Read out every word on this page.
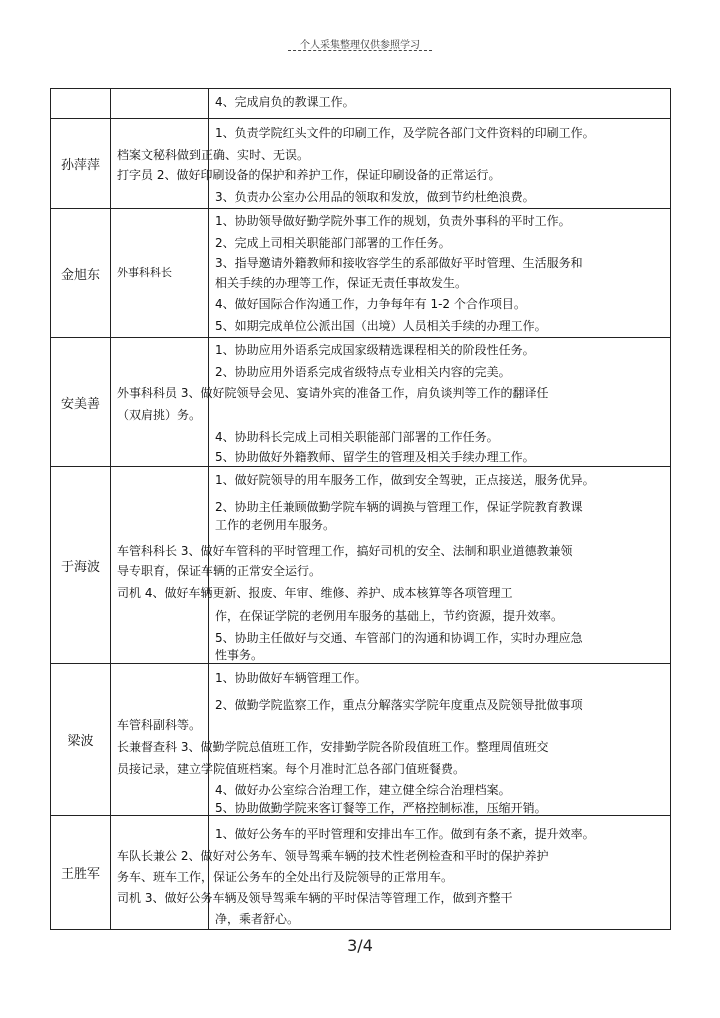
个人采集整理仅供参照学习
4、完成肩负的教课工作。
孙萍萍
1、负责学院红头文件的印刷工作，及学院各部门文件资料的印刷工作。
档案文秘科做到正确、实时、无误。
打字员 2、做好印刷设备的保护和养护工作，保证印刷设备的正常运行。
3、负责办公室办公用品的领取和发放，做到节约杜绝浪费。
金旭东	外事科科长
1、协助领导做好勤学院外事工作的规划，负责外事科的平时工作。
2、完成上司相关职能部门部署的工作任务。
3、指导邀请外籍教师和接收容学生的系部做好平时管理、生活服务和
相关手续的办理等工作，保证无责任事故发生。
4、做好国际合作沟通工作，力争每年有 1-2 个合作项目。
5、如期完成单位公派出国（出境）人员相关手续的办理工作。
安美善
1、协助应用外语系完成国家级精选课程相关的阶段性任务。
2、协助应用外语系完成省级特点专业相关内容的完美。
外事科科员 3、做好院领导会见、宴请外宾的准备工作，肩负谈判等工作的翻译任
（双肩挑）务。
4、协助科长完成上司相关职能部门部署的工作任务。
5、协助做好外籍教师、留学生的管理及相关手续办理工作。
于海波
1、做好院领导的用车服务工作，做到安全驾驶，正点接送，服务优异。
2、协助主任兼顾做勤学院车辆的调换与管理工作，保证学院教育教课
工作的老例用车服务。
车管科科长 3、做好车管科的平时管理工作，搞好司机的安全、法制和职业道德教兼领
导专职育，保证车辆的正常安全运行。
司机 4、做好车辆更新、报废、年审、维修、养护、成本核算等各项管理工
作，在保证学院的老例用车服务的基础上，节约资源，提升效率。
5、协助主任做好与交通、车管部门的沟通和协调工作，实时办理应急
性事务。
梁波
1、协助做好车辆管理工作。
2、做勤学院监察工作，重点分解落实学院年度重点及院领导批做事项
车管科副科等。
长兼督查科 3、做勤学院总值班工作，安排勤学院各阶段值班工作。整理周值班交
员接记录，建立学院值班档案。每个月准时汇总各部门值班餐费。
4、做好办公室综合治理工作，建立健全综合治理档案。
5、协助做勤学院来客订餐等工作，严格控制标准，压缩开销。
王胜军
1、做好公务车的平时管理和安排出车工作。做到有条不紊，提升效率。
车队长兼公 2、做好对公务车、领导驾乘车辆的技术性老例检查和平时的保护养护
务车、班车工作，保证公务车的全处出行及院领导的正常用车。
司机 3、做好公务车辆及领导驾乘车辆的平时保洁等管理工作，做到齐整干
净，乘者舒心。
3/4
